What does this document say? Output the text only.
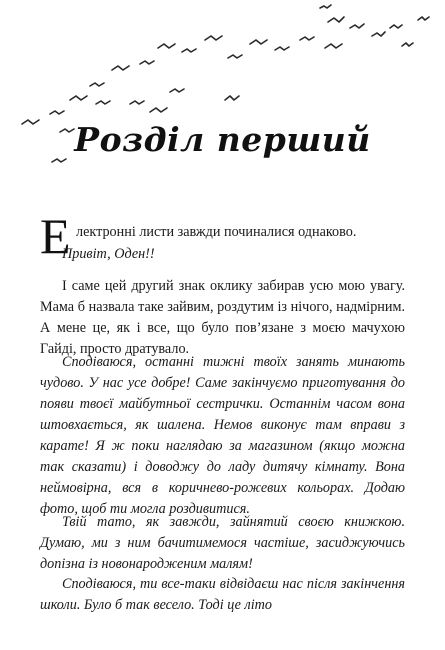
Розділ перший
Е лектронні листи завжди починалися однаково.

Привіт, Оден!!

І саме цей другий знак оклику забирав усю мою увагу. Мама б назвала таке зайвим, роздутим із нічого, надмірним. А мене це, як і все, що було пов’язане з моєю мачухою Гайді, просто дратувало.

Сподіваюся, останні тижні твоїх занять минають чудово. У нас усе добре! Саме закінчуємо приготування до появи твоєї майбутньої сестрички. Останнім часом вона штовхається, як шалена. Немов виконує там вправи з карате! Я ж поки наглядаю за магазином (якщо можна так сказати) і доводжу до ладу дитячу кімнату. Вона неймовірна, вся в коричнево-рожевих кольорах. Додаю фото, щоб ти могла роздивитися.

Твій тато, як завжди, зайнятий своєю книжкою. Думаю, ми з ним бачитимемося частіше, засиджуючись допізна із новонародженим малям!

Сподіваюся, ти все-таки відвідаєш нас після закінчення школи. Було б так весело. Тоді це літо
